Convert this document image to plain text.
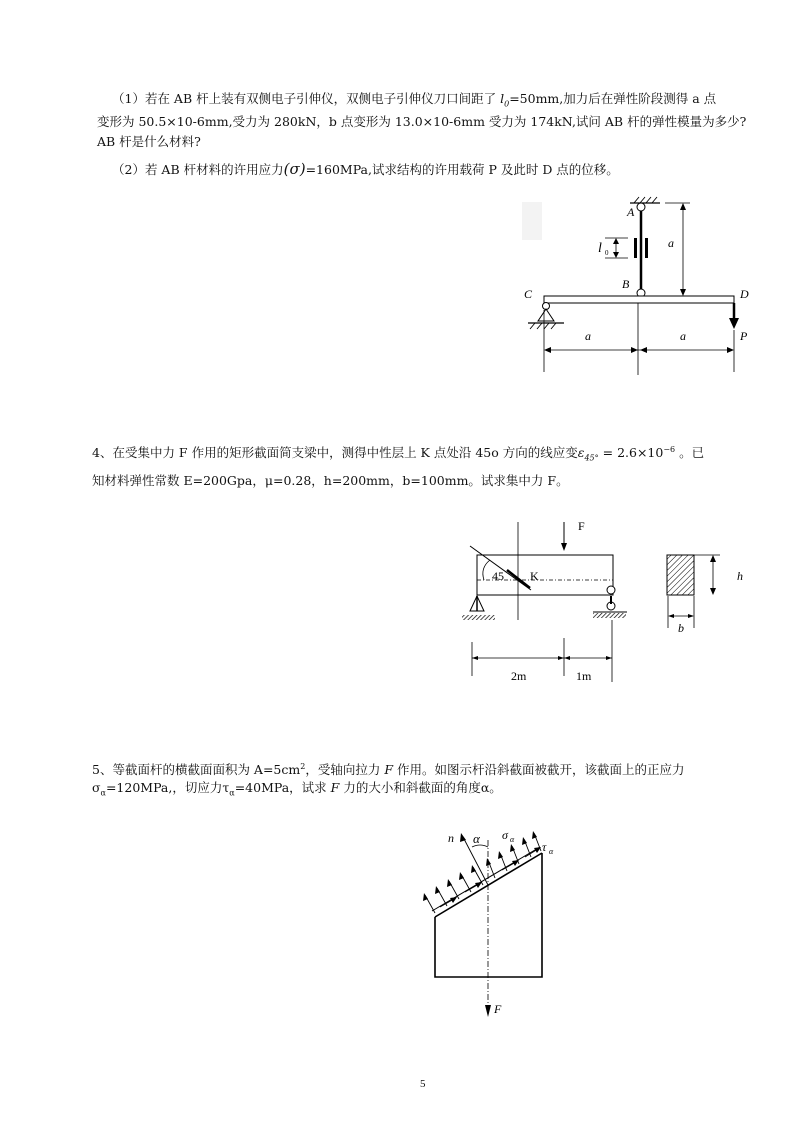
（1）若在 AB 杆上装有双侧电子引伸仪，双侧电子引伸仪刀口间距了 $l_0=50mm$,加力后在弹性阶段测得 a 点
变形为 50.5×10-6mm,受力为 280kN，b 点变形为 13.0×10-6mm 受力为 174kN,试问 AB 杆的弹性模量为多少?
AB 杆是什么材料?
（2）若 AB 杆材料的许用应力(σ)=160MPa,试求结构的许用载荷 P 及此时 D 点的位移。
l 0
a
A
B
C	D
P
a	a
4、在受集中力 F 作用的矩形截面简支梁中，测得中性层上 K 点处沿 45o 方向的线应变$\varepsilon_{45^\circ} = 2.6\times 10^{-6}$ 。已
知材料弹性常数 E=200Gpa，μ=0.28，h=200mm，b=100mm。试求集中力 F。
F
45 K
2m	1m
h
b
5、等截面杆的横截面面积为 $A=5cm^2$，受轴向拉力 F 作用。如图示杆沿斜截面被截开，该截面上的正应力
$\sigma_\alpha=120MPa$,，切应力$\tau_\alpha=40MPa$，试求 F 力的大小和斜截面的角度α。
F
n α σ α
τ α
5
